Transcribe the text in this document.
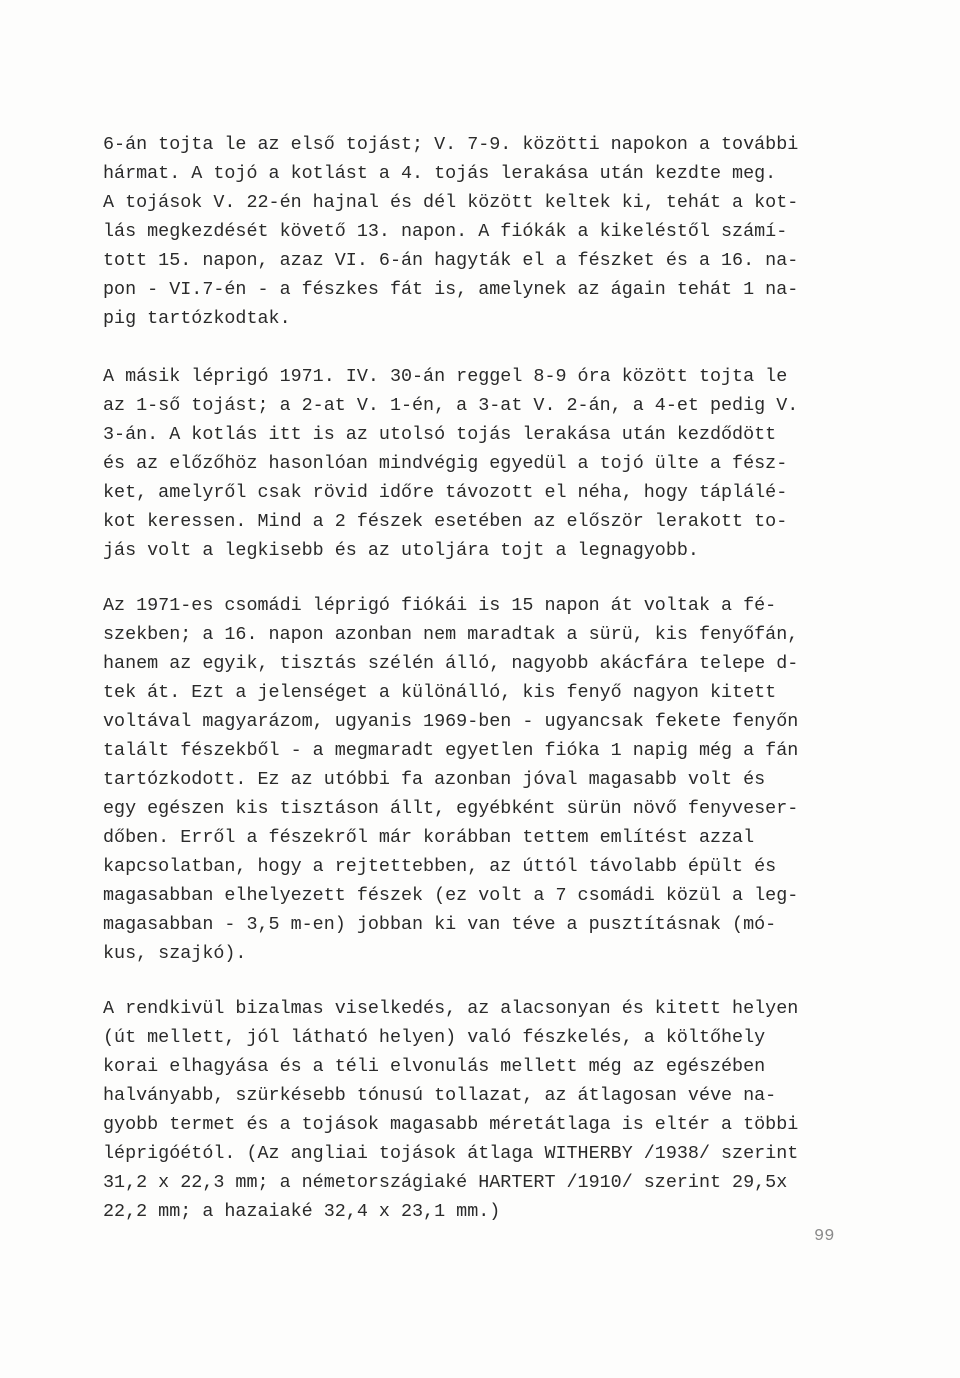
6-án tojta le az első tojást; V. 7-9. közötti napokon a további
hármat. A tojó a kotlást a 4. tojás lerakása után kezdte meg.
A tojások V. 22-én hajnal és dél között keltek ki, tehát a kot-
lás megkezdését követő 13. napon. A fiókák a kikeléstől számí-
tott 15. napon, azaz VI. 6-án hagyták el a fészket és a 16. na-
pon - VI.7-én - a fészkes fát is, amelynek az ágain tehát 1 na-
pig tartózkodtak.

A másik léprigó 1971. IV. 30-án reggel 8-9 óra között tojta le
az 1-ső tojást; a 2-at V. 1-én, a 3-at V. 2-án, a 4-et pedig V.
3-án. A kotlás itt is az utolsó tojás lerakása után kezdődött
és az előzőhöz hasonlóan mindvégig egyedül a tojó ülte a fész-
ket, amelyről csak rövid időre távozott el néha, hogy táplálé-
kot keressen. Mind a 2 fészek esetében az először lerakott to-
jás volt a legkisebb és az utoljára tojt a legnagyobb.

Az 1971-es csomádi léprigó fiókái is 15 napon át voltak a fé-
szekben; a 16. napon azonban nem maradtak a sürü, kis fenyőfán,
hanem az egyik, tisztás szélén álló, nagyobb akácfára telepe d-
tek át. Ezt a jelenséget a különálló, kis fenyő nagyon kitett
voltával magyarázom, ugyanis 1969-ben - ugyancsak fekete fenyőn
talált fészekből - a megmaradt egyetlen fióka 1 napig még a fán
tartózkodott. Ez az utóbbi fa azonban jóval magasabb volt és
egy egészen kis tisztáson állt, egyébként sürün növő fenyveser-
dőben. Erről a fészekről már korábban tettem említést azzal
kapcsolatban, hogy a rejtettebben, az úttól távolabb épült és
magasabban elhelyezett fészek (ez volt a 7 csomádi közül a leg-
magasabban - 3,5 m-en) jobban ki van téve a pusztításnak (mó-
kus, szajkó).

A rendkivül bizalmas viselkedés, az alacsonyan és kitett helyen
(út mellett, jól látható helyen) való fészkelés, a költőhely
korai elhagyása és a téli elvonulás mellett még az egészében
halványabb, szürkésebb tónusú tollazat, az átlagosan véve na-
gyobb termet és a tojások magasabb méretátlaga is eltér a többi
léprigóétól. (Az angliai tojások átlaga WITHERBY /1938/ szerint
31,2 x 22,3 mm; a németországiaké HARTERT /1910/ szerint 29,5x
22,2 mm; a hazaiaké 32,4 x 23,1 mm.)

99
